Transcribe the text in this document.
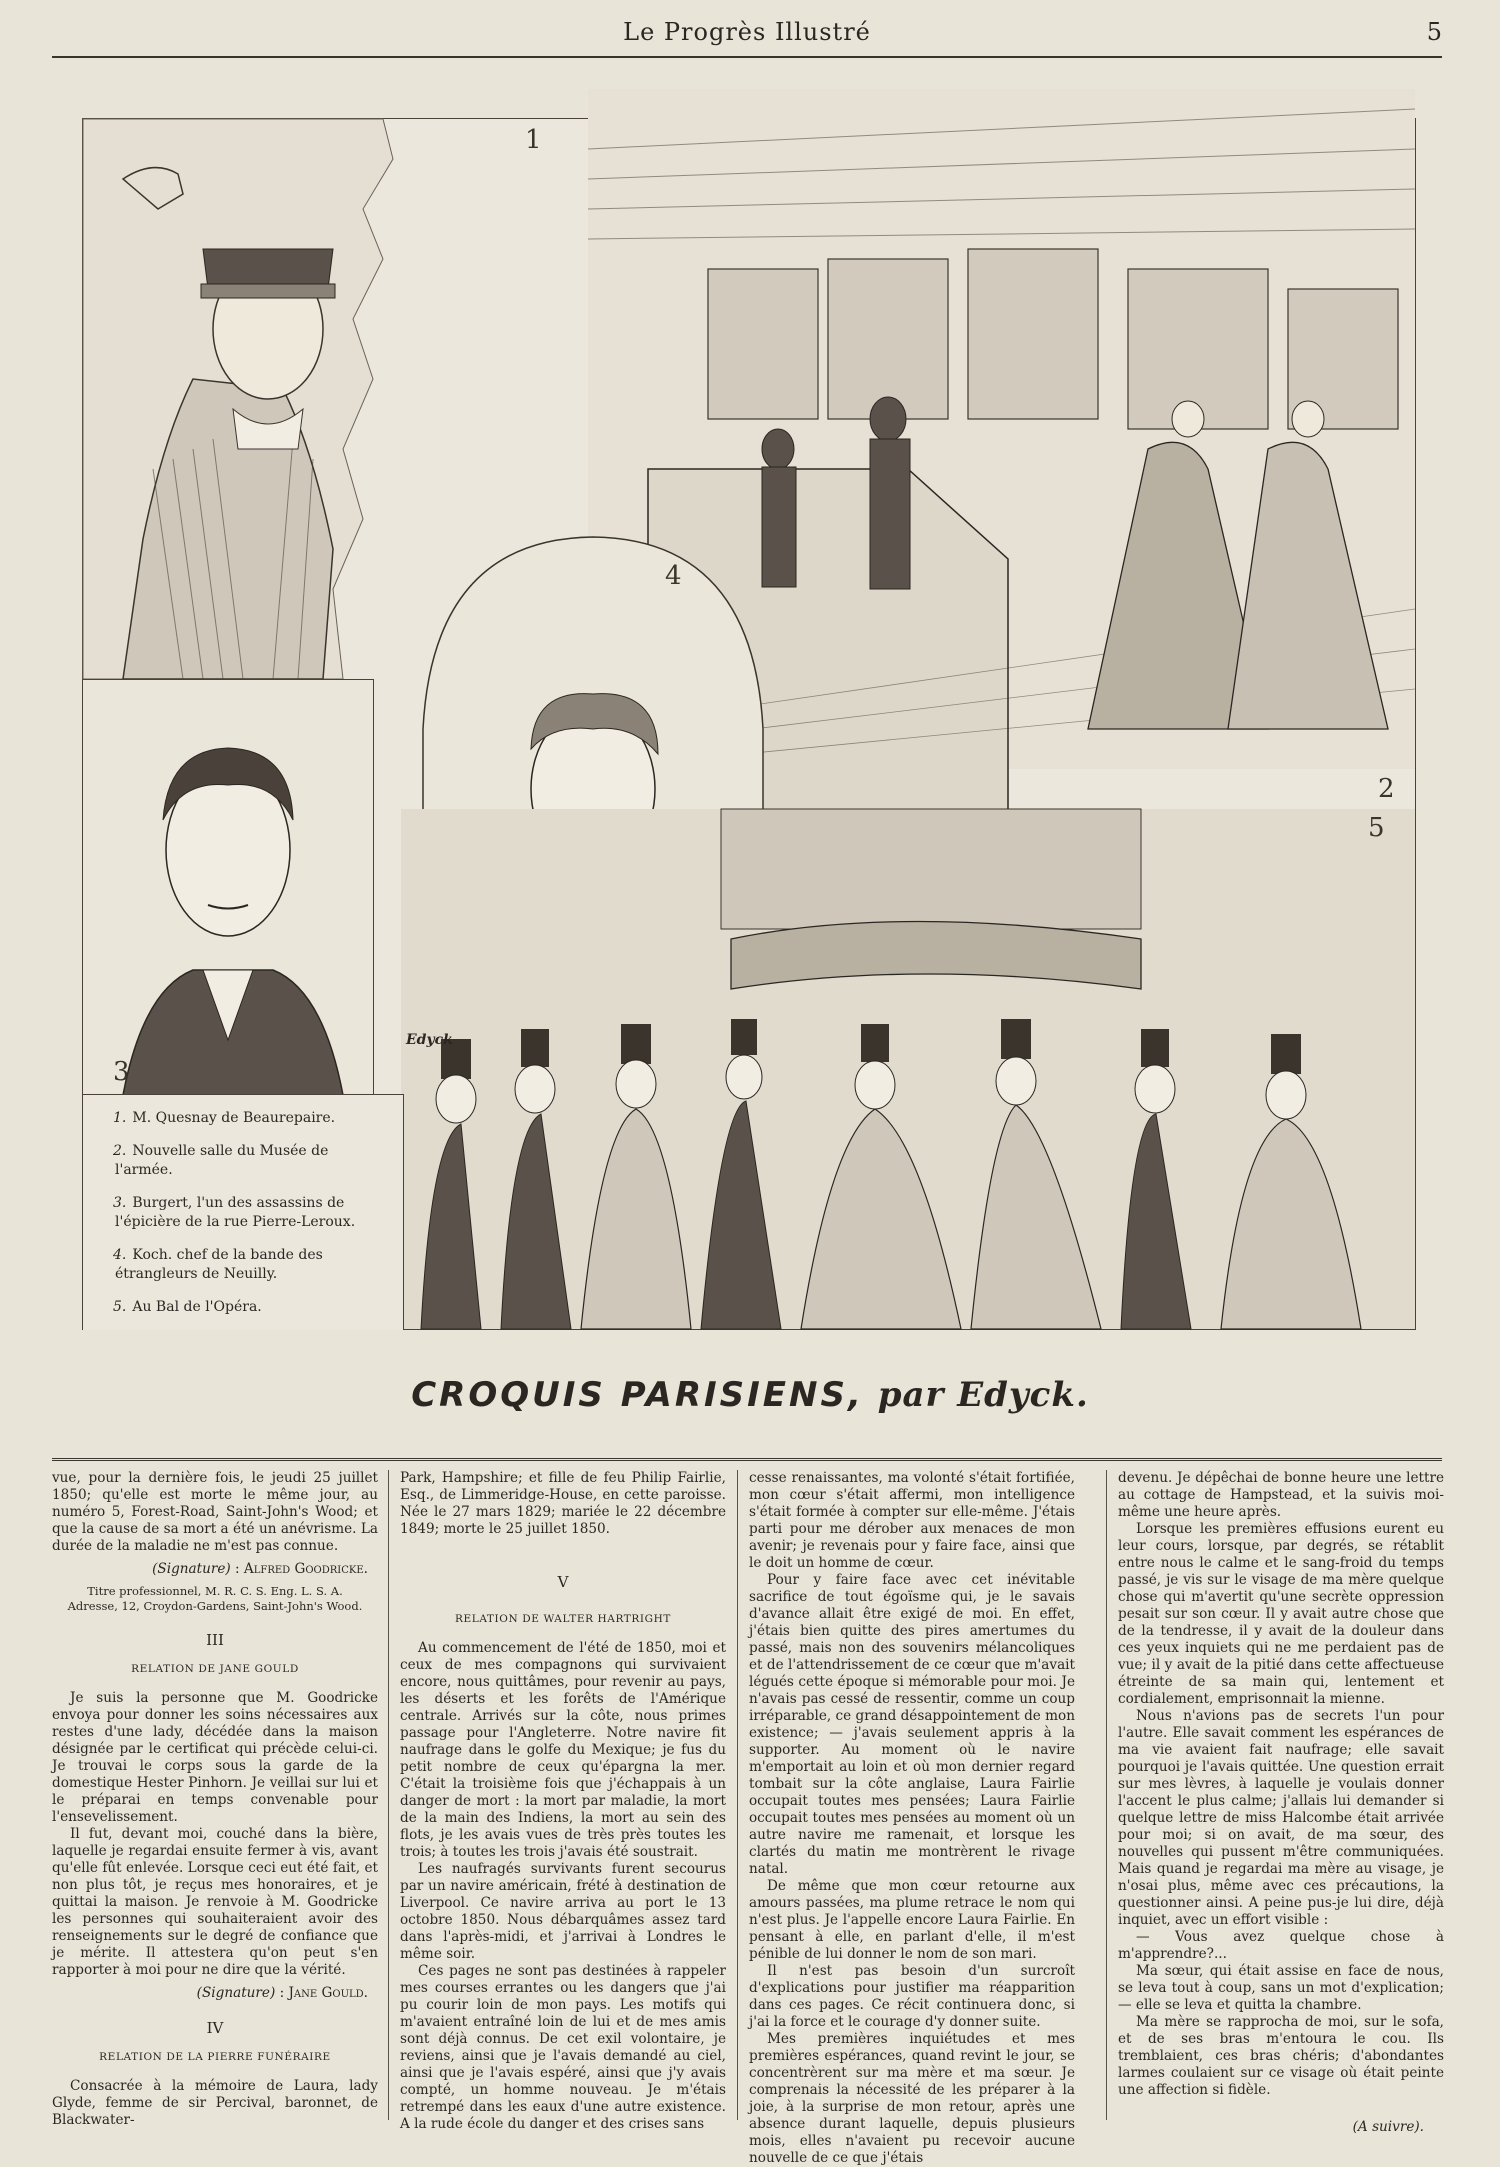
Le Progrès Illustré	5
1
2
4
3
5
Edyck
1. M. Quesnay de Beaurepaire.
2. Nouvelle salle du Musée de l'armée.
3. Burgert, l'un des assassins de l'épicière de la rue Pierre-Leroux.
4. Koch. chef de la bande des étrangleurs de Neuilly.
5. Au Bal de l'Opéra.
CROQUIS PARISIENS, par Edyck.

vue, pour la dernière fois, le jeudi 25 juillet 1850; qu'elle est morte le même jour, au numéro 5, Forest-Road, Saint-John's Wood; et que la cause de sa mort a été un anévrisme. La durée de la maladie ne m'est pas connue.

(Signature) : Alfred Goodricke.

Titre professionnel, M. R. C. S. Eng. L. S. A.

Adresse, 12, Croydon-Gardens, Saint-John's Wood.

III

RELATION DE JANE GOULD

Je suis la personne que M. Goodricke envoya pour donner les soins nécessaires aux restes d'une lady, décédée dans la maison désignée par le certificat qui précède celui-ci. Je trouvai le corps sous la garde de la domestique Hester Pinhorn. Je veillai sur lui et le préparai en temps convenable pour l'ensevelissement.

Il fut, devant moi, couché dans la bière, laquelle je regardai ensuite fermer à vis, avant qu'elle fût enlevée. Lorsque ceci eut été fait, et non plus tôt, je reçus mes honoraires, et je quittai la maison. Je renvoie à M. Goodricke les personnes qui souhaiteraient avoir des renseignements sur le degré de confiance que je mérite. Il attestera qu'on peut s'en rapporter à moi pour ne dire que la vérité.

(Signature) : Jane Gould.

IV

RELATION DE LA PIERRE FUNÉRAIRE

Consacrée à la mémoire de Laura, lady Glyde, femme de sir Percival, baronnet, de Blackwater-

Park, Hampshire; et fille de feu Philip Fairlie, Esq., de Limmeridge-House, en cette paroisse. Née le 27 mars 1829; mariée le 22 décembre 1849; morte le 25 juillet 1850.

V

RELATION DE WALTER HARTRIGHT

Au commencement de l'été de 1850, moi et ceux de mes compagnons qui survivaient encore, nous quittâmes, pour revenir au pays, les déserts et les forêts de l'Amérique centrale. Arrivés sur la côte, nous primes passage pour l'Angleterre. Notre navire fit naufrage dans le golfe du Mexique; je fus du petit nombre de ceux qu'épargna la mer. C'était la troisième fois que j'échappais à un danger de mort : la mort par maladie, la mort de la main des Indiens, la mort au sein des flots, je les avais vues de très près toutes les trois; à toutes les trois j'avais été soustrait.

Les naufragés survivants furent secourus par un navire américain, frété à destination de Liverpool. Ce navire arriva au port le 13 octobre 1850. Nous débarquâmes assez tard dans l'après-midi, et j'arrivai à Londres le même soir.

Ces pages ne sont pas destinées à rappeler mes courses errantes ou les dangers que j'ai pu courir loin de mon pays. Les motifs qui m'avaient entraîné loin de lui et de mes amis sont déjà connus. De cet exil volontaire, je reviens, ainsi que je l'avais demandé au ciel, ainsi que je l'avais espéré, ainsi que j'y avais compté, un homme nouveau. Je m'étais retrempé dans les eaux d'une autre existence. A la rude école du danger et des crises sans

cesse renaissantes, ma volonté s'était fortifiée, mon cœur s'était affermi, mon intelligence s'était formée à compter sur elle-même. J'étais parti pour me dérober aux menaces de mon avenir; je revenais pour y faire face, ainsi que le doit un homme de cœur.

Pour y faire face avec cet inévitable sacrifice de tout égoïsme qui, je le savais d'avance allait être exigé de moi. En effet, j'étais bien quitte des pires amertumes du passé, mais non des souvenirs mélancoliques et de l'attendrissement de ce cœur que m'avait légués cette époque si mémorable pour moi. Je n'avais pas cessé de ressentir, comme un coup irréparable, ce grand désappointement de mon existence; — j'avais seulement appris à la supporter. Au moment où le navire m'emportait au loin et où mon dernier regard tombait sur la côte anglaise, Laura Fairlie occupait toutes mes pensées; Laura Fairlie occupait toutes mes pensées au moment où un autre navire me ramenait, et lorsque les clartés du matin me montrèrent le rivage natal.

De même que mon cœur retourne aux amours passées, ma plume retrace le nom qui n'est plus. Je l'appelle encore Laura Fairlie. En pensant à elle, en parlant d'elle, il m'est pénible de lui donner le nom de son mari.

Il n'est pas besoin d'un surcroît d'explications pour justifier ma réapparition dans ces pages. Ce récit continuera donc, si j'ai la force et le courage d'y donner suite.

Mes premières inquiétudes et mes premières espérances, quand revint le jour, se concentrèrent sur ma mère et ma sœur. Je comprenais la nécessité de les préparer à la joie, à la surprise de mon retour, après une absence durant laquelle, depuis plusieurs mois, elles n'avaient pu recevoir aucune nouvelle de ce que j'étais

devenu. Je dépêchai de bonne heure une lettre au cottage de Hampstead, et la suivis moi-même une heure après.

Lorsque les premières effusions eurent eu leur cours, lorsque, par degrés, se rétablit entre nous le calme et le sang-froid du temps passé, je vis sur le visage de ma mère quelque chose qui m'avertit qu'une secrète oppression pesait sur son cœur. Il y avait autre chose que de la tendresse, il y avait de la douleur dans ces yeux inquiets qui ne me perdaient pas de vue; il y avait de la pitié dans cette affectueuse étreinte de sa main qui, lentement et cordialement, emprisonnait la mienne.

Nous n'avions pas de secrets l'un pour l'autre. Elle savait comment les espérances de ma vie avaient fait naufrage; elle savait pourquoi je l'avais quittée. Une question errait sur mes lèvres, à laquelle je voulais donner l'accent le plus calme; j'allais lui demander si quelque lettre de miss Halcombe était arrivée pour moi; si on avait, de ma sœur, des nouvelles qui pussent m'être communiquées. Mais quand je regardai ma mère au visage, je n'osai plus, même avec ces précautions, la questionner ainsi. A peine pus-je lui dire, déjà inquiet, avec un effort visible :

— Vous avez quelque chose à m'apprendre?...

Ma sœur, qui était assise en face de nous, se leva tout à coup, sans un mot d'explication; — elle se leva et quitta la chambre.

Ma mère se rapprocha de moi, sur le sofa, et de ses bras m'entoura le cou. Ils tremblaient, ces bras chéris; d'abondantes larmes coulaient sur ce visage où était peinte une affection si fidèle.

(A suivre).
